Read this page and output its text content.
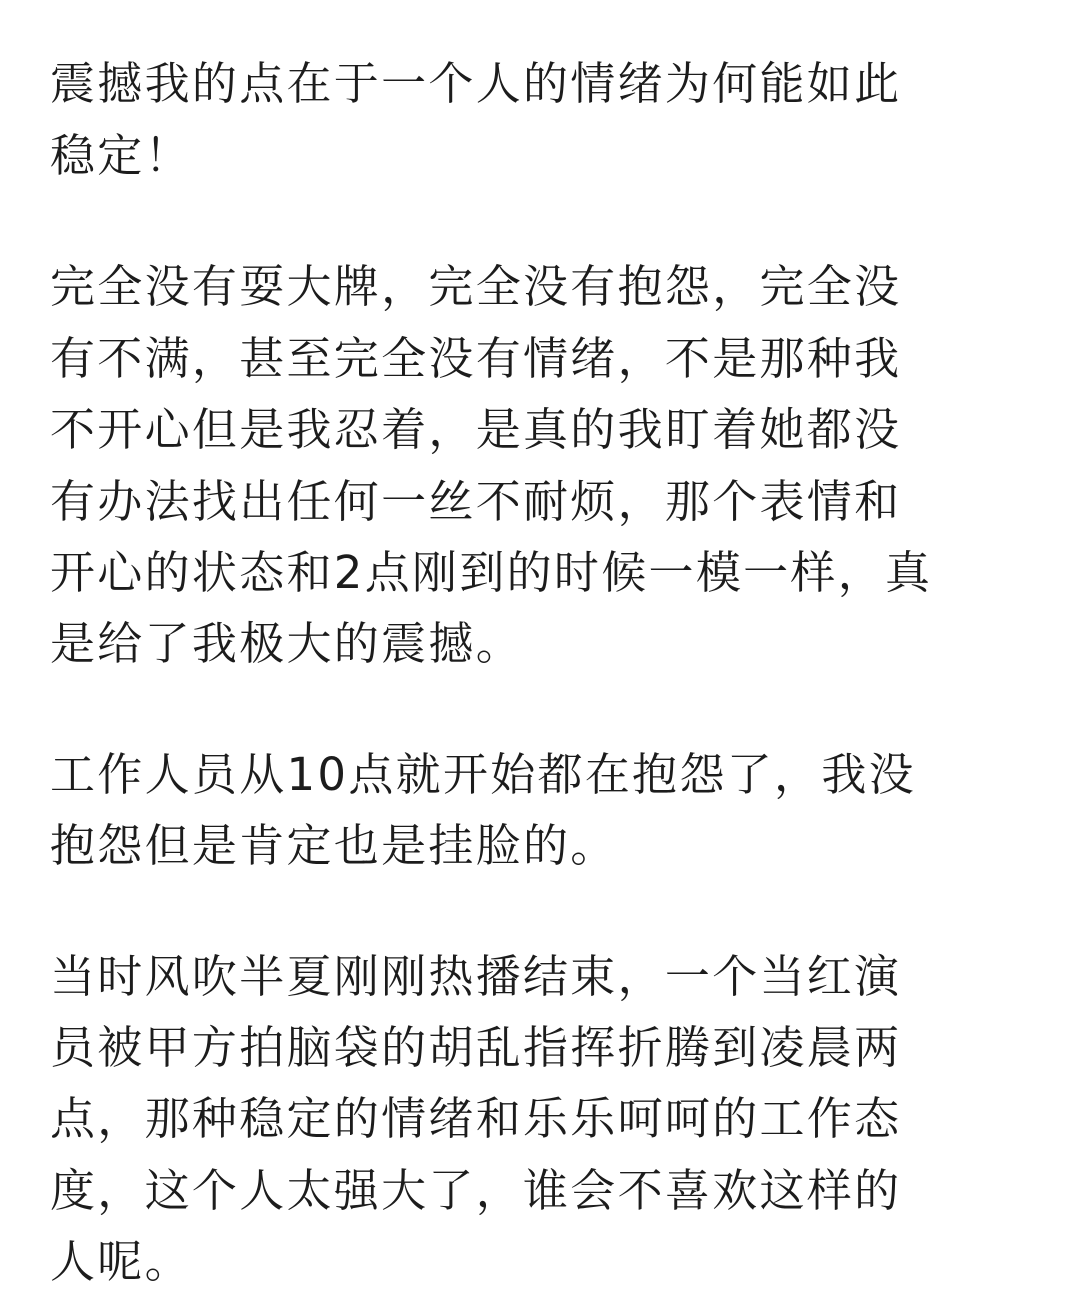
震撼我的点在于一个人的情绪为何能如此

稳定！

完全没有耍大牌，完全没有抱怨，完全没

有不满，甚至完全没有情绪，不是那种我

不开心但是我忍着，是真的我盯着她都没

有办法找出任何一丝不耐烦，那个表情和

开心的状态和2点刚到的时候一模一样，真

是给了我极大的震撼。

工作人员从10点就开始都在抱怨了，我没

抱怨但是肯定也是挂脸的。

当时风吹半夏刚刚热播结束，一个当红演

员被甲方拍脑袋的胡乱指挥折腾到凌晨两

点，那种稳定的情绪和乐乐呵呵的工作态

度，这个人太强大了，谁会不喜欢这样的

人呢。
